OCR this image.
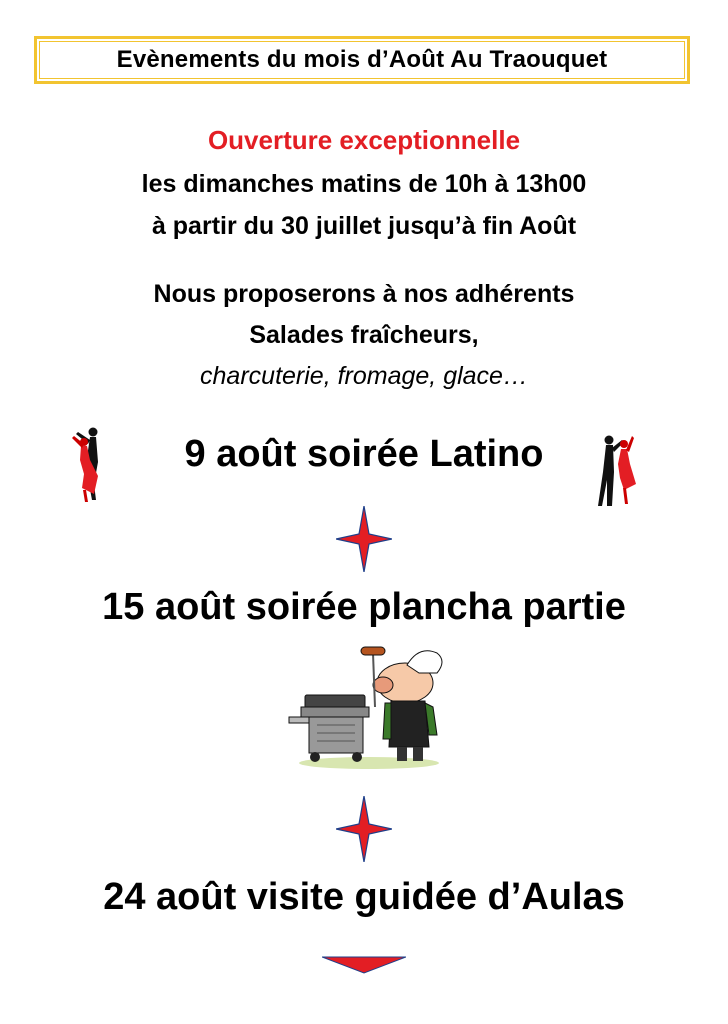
Evènements du mois d’Août Au Traouquet
Ouverture exceptionnelle
les dimanches matins de 10h à 13h00
à partir du 30 juillet jusqu’à fin Août
Nous proposerons à nos adhérents
Salades fraîcheurs,
charcuterie, fromage, glace…
9 août soirée Latino
15 août soirée plancha partie
24 août visite guidée d’Aulas
